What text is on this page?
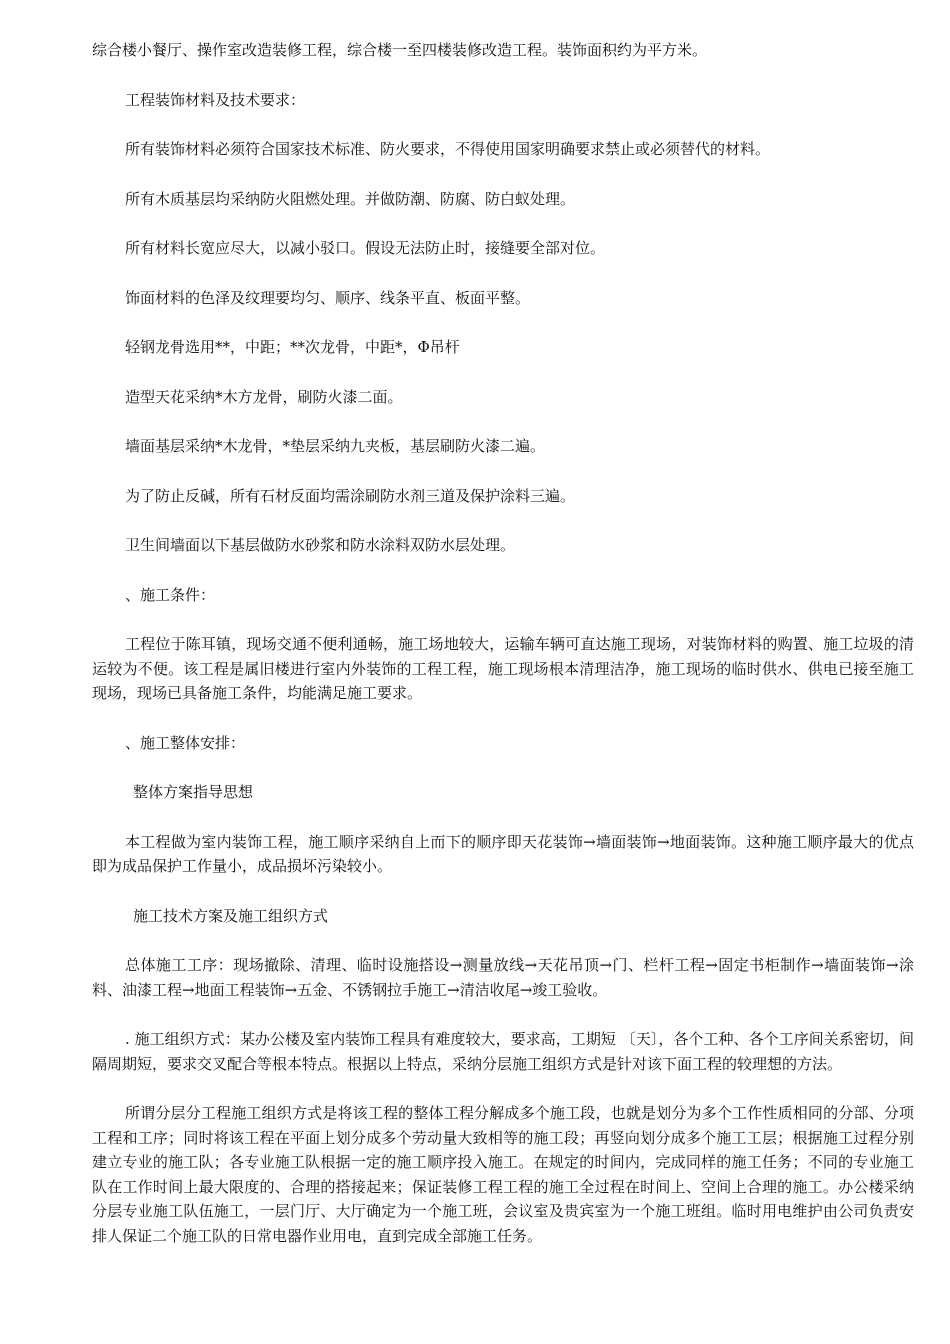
综合楼小餐厅、操作室改造装修工程，综合楼一至四楼装修改造工程。装饰面积约为平方米。

工程装饰材料及技术要求：

所有装饰材料必须符合国家技术标准、防火要求，不得使用国家明确要求禁止或必须替代的材料。

所有木质基层均采纳防火阻燃处理。并做防潮、防腐、防白蚁处理。

所有材料长宽应尽大，以减小驳口。假设无法防止时，接缝要全部对位。

饰面材料的色泽及纹理要均匀、顺序、线条平直、板面平整。

轻钢龙骨选用**，中距；**次龙骨，中距*，Φ吊杆

造型天花采纳*木方龙骨，刷防火漆二面。

墙面基层采纳*木龙骨，*垫层采纳九夹板，基层刷防火漆二遍。

为了防止反碱，所有石材反面均需涂刷防水剂三道及保护涂料三遍。

卫生间墙面以下基层做防水砂浆和防水涂料双防水层处理。

、施工条件：

工程位于陈耳镇，现场交通不便利通畅，施工场地较大，运输车辆可直达施工现场，对装饰材料的购置、施工垃圾的清运较为不便。该工程是属旧楼进行室内外装饰的工程工程，施工现场根本清理洁净，施工现场的临时供水、供电已接至施工现场，现场已具备施工条件，均能满足施工要求。

、施工整体安排：

整体方案指导思想

本工程做为室内装饰工程，施工顺序采纳自上而下的顺序即天花装饰→墙面装饰→地面装饰。这种施工顺序最大的优点即为成品保护工作量小，成品损坏污染较小。

施工技术方案及施工组织方式

总体施工工序：现场撤除、清理、临时设施搭设→测量放线→天花吊顶→门、栏杆工程→固定书柜制作→墙面装饰→涂料、油漆工程→地面工程装饰→五金、不锈钢拉手施工→清洁收尾→竣工验收。

. 施工组织方式：某办公楼及室内装饰工程具有难度较大，要求高，工期短 〔天〕，各个工种、各个工序间关系密切，间隔周期短，要求交叉配合等根本特点。根据以上特点，采纳分层施工组织方式是针对该下面工程的较理想的方法。

所谓分层分工程施工组织方式是将该工程的整体工程分解成多个施工段，也就是划分为多个工作性质相同的分部、分项工程和工序；同时将该工程在平面上划分成多个劳动量大致相等的施工段；再竖向划分成多个施工工层；根据施工过程分别建立专业的施工队；各专业施工队根据一定的施工顺序投入施工。在规定的时间内，完成同样的施工任务；不同的专业施工队在工作时间上最大限度的、合理的搭接起来；保证装修工程工程的施工全过程在时间上、空间上合理的施工。办公楼采纳分层专业施工队伍施工，一层门厅、大厅确定为一个施工班，会议室及贵宾室为一个施工班组。临时用电维护由公司负责安排人保证二个施工队的日常电器作业用电，直到完成全部施工任务。
